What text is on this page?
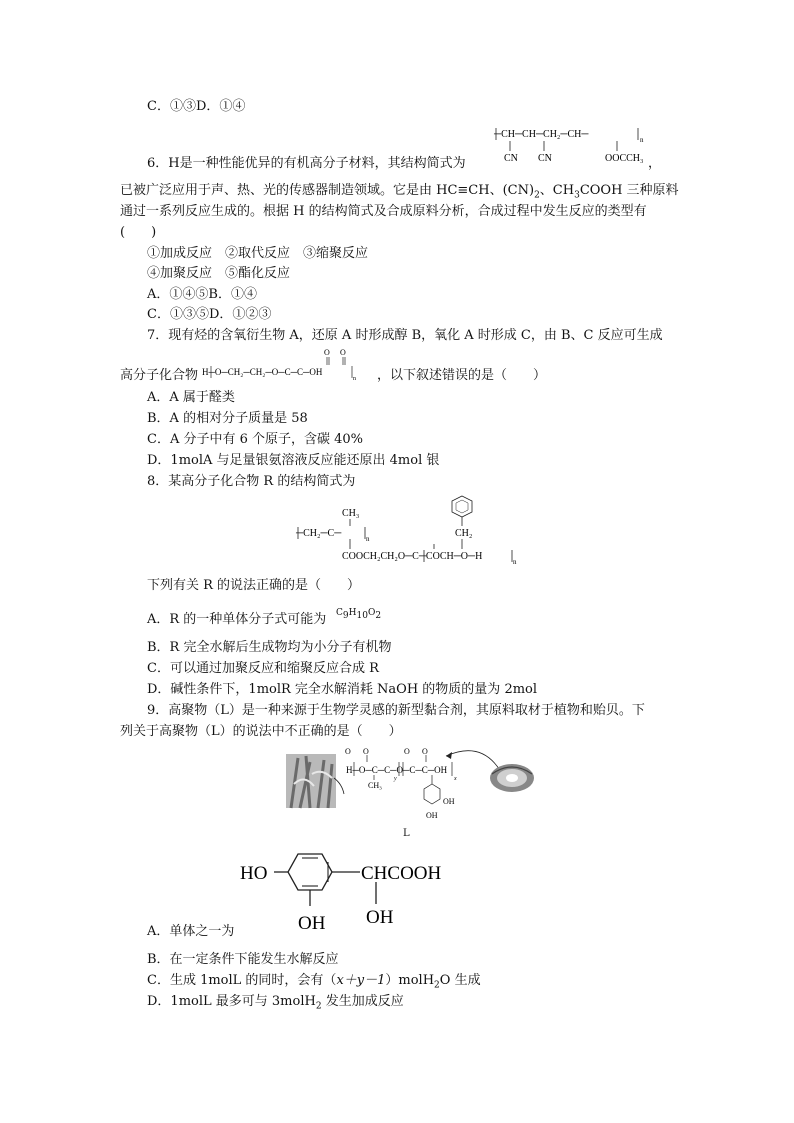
C．①③D．①④
─CH─CH─CH₂─CH─	n
CN CN	OOCCH₃
6．H是一种性能优异的有机高分子材料，其结构简式为	，
已被广泛应用于声、热、光的传感器制造领域。它是由 HC≡CH、$(CN)_2$、$CH_3COOH$ 三种原料
通过一系列反应生成的。根据 H 的结构简式及合成原料分析，合成过程中发生反应的类型有
(　　)
①加成反应　②取代反应　③缩聚反应
④加聚反应　⑤酯化反应
A．①④⑤B．①④
C．①③⑤D．①②③
7．现有烃的含氧衍生物 A，还原 A 时形成醇 B，氧化 A 时形成 C，由 B、C 反应可生成
高分子化合物
O O
H─O─CH₂─CH₂─O─C─C─OH
n ，以下叙述错误的是（　　）
A．A 属于醛类
B．A 的相对分子质量是 58
C．A 分子中有 6 个原子，含碳 40%
D．1molA 与足量银氨溶液反应能还原出 4mol 银
8．某高分子化合物 R 的结构简式为
CH₂
CH₃
─CH₂─C─	n
COOCH₂CH₂O─C─COCH─O─H	n
下列有关 R 的说法正确的是（　　）
A．R 的一种单体分子式可能为 $C_9H_{10}O_2$
B．R 完全水解后生成物均为小分子有机物
C．可以通过加聚反应和缩聚反应合成 R
D．碱性条件下，1molR 完全水解消耗 NaOH 的物质的量为 2mol
9．高聚物（L）是一种来源于生物学灵感的新型黏合剂，其原料取材于植物和贻贝。下
列关于高聚物（L）的说法中不正确的是（　　）
O O	O O
H─O─C─C─O─C─C─OH
y	x
CH₃
OH
OH
L
HO	CHCOOH
OH
OH
A．单体之一为
B．在一定条件下能发生水解反应
C．生成 1molL 的同时，会有（x＋y－1）molH$_2$O 生成
D．1molL 最多可与 3molH$_2$ 发生加成反应
